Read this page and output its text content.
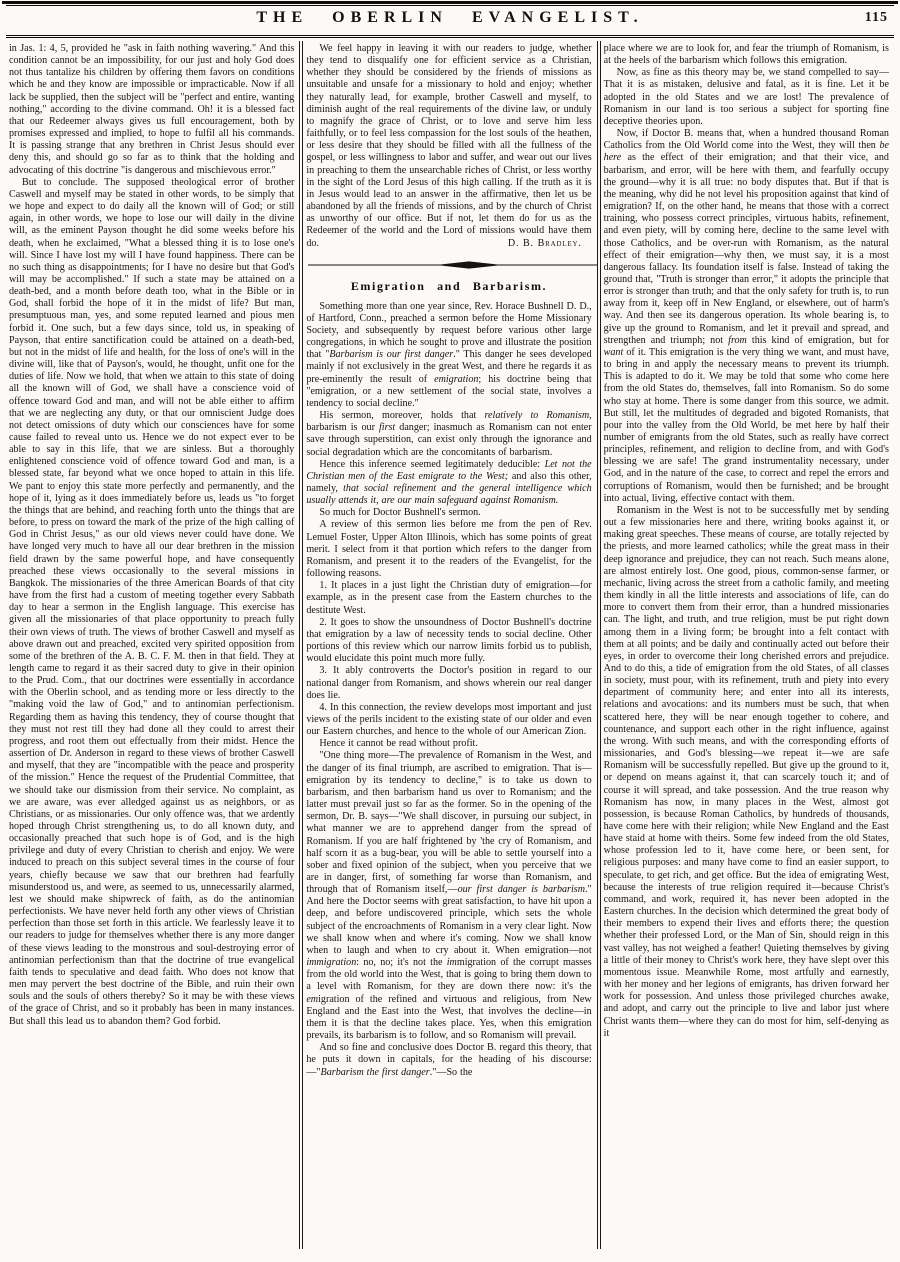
THE OBERLIN EVANGELIST.	115

in Jas. 1: 4, 5, provided he "ask in faith nothing wavering." And this condition cannot be an impossibility, for our just and holy God does not thus tantalize his children by offering them favors on conditions which he and they know are impossible or impracticable. Now if all lack be supplied, then the subject will be "perfect and entire, wanting nothing," according to the divine command. Oh! it is a blessed fact that our Redeemer always gives us full encouragement, both by promises expressed and implied, to hope to fulfil all his commands. It is passing strange that any brethren in Christ Jesus should ever deny this, and should go so far as to think that the holding and advocating of this doctrine "is dangerous and mischievous error."

But to conclude. The supposed theological error of brother Caswell and myself may be stated in other words, to be simply that we hope and expect to do daily all the known will of God; or still again, in other words, we hope to lose our will daily in the divine will, as the eminent Payson thought he did some weeks before his death, when he exclaimed, "What a blessed thing it is to lose one's will. Since I have lost my will I have found happiness. There can be no such thing as disappointments; for I have no desire but that God's will may be accomplished." If such a state may be attained on a death-bed, and a month before death too, what in the Bible or in God, shall forbid the hope of it in the midst of life? But man, presumptuous man, yes, and some reputed learned and pious men forbid it. One such, but a few days since, told us, in speaking of Payson, that entire sanctification could be attained on a death-bed, but not in the midst of life and health, for the loss of one's will in the divine will, like that of Payson's, would, he thought, unfit one for the duties of life. Now we hold, that when we attain to this state of doing all the known will of God, we shall have a conscience void of offence toward God and man, and will not be able either to affirm that we are neglecting any duty, or that our omniscient Judge does not detect omissions of duty which our consciences have for some cause failed to reveal unto us. Hence we do not expect ever to be able to say in this life, that we are sinless. But a thoroughly enlightened conscience void of offence toward God and man, is a blessed state, far beyond what we once hoped to attain in this life. We pant to enjoy this state more perfectly and permanently, and the hope of it, lying as it does immediately before us, leads us "to forget the things that are behind, and reaching forth unto the things that are before, to press on toward the mark of the prize of the high calling of God in Christ Jesus," as our old views never could have done. We have longed very much to have all our dear brethren in the mission field drawn by the same powerful hope, and have consequently preached these views occasionally to the several missions in Bangkok. The missionaries of the three American Boards of that city have from the first had a custom of meeting together every Sabbath day to hear a sermon in the English language. This exercise has given all the missionaries of that place opportunity to preach fully their own views of truth. The views of brother Caswell and myself as above drawn out and preached, excited very spirited opposition from some of the brethren of the A. B. C. F. M. then in that field. They at length came to regard it as their sacred duty to give in their opinion to the Prud. Com., that our doctrines were essentially in accordance with the Oberlin school, and as tending more or less directly to the "making void the law of God," and to antinomian perfectionism. Regarding them as having this tendency, they of course thought that they must not rest till they had done all they could to arrest their progress, and root them out effectually from their midst. Hence the assertion of Dr. Anderson in regard to these views of brother Caswell and myself, that they are "incompatible with the peace and prosperity of the mission." Hence the request of the Prudential Committee, that we should take our dismission from their service. No complaint, as we are aware, was ever alledged against us as neighbors, or as Christians, or as missionaries. Our only offence was, that we ardently hoped through Christ strengthening us, to do all known duty, and occasionally preached that such hope is of God, and is the high privilege and duty of every Christian to cherish and enjoy. We were induced to preach on this subject several times in the course of four years, chiefly because we saw that our brethren had fearfully misunderstood us, and were, as seemed to us, unnecessarily alarmed, lest we should make shipwreck of faith, as do the antinomian perfectionists. We have never held forth any other views of Christian perfection than those set forth in this article. We fearlessly leave it to our readers to judge for themselves whether there is any more danger of these views leading to the monstrous and soul-destroying error of antinomian perfectionism than that the doctrine of true evangelical faith tends to speculative and dead faith. Who does not know that men may pervert the best doctrine of the Bible, and ruin their own souls and the souls of others thereby? So it may be with these views of the grace of Christ, and so it probably has been in many instances. But shall this lead us to abandon them? God forbid.

We feel happy in leaving it with our readers to judge, whether they tend to disqualify one for efficient service as a Christian, whether they should be considered by the friends of missions as unsuitable and unsafe for a missionary to hold and enjoy; whether they naturally lead, for example, brother Caswell and myself, to diminish aught of the real requirements of the divine law, or unduly to magnify the grace of Christ, or to love and serve him less faithfully, or to feel less compassion for the lost souls of the heathen, or less desire that they should be filled with all the fullness of the gospel, or less willingness to labor and suffer, and wear out our lives in preaching to them the unsearchable riches of Christ, or less worthy in the sight of the Lord Jesus of this high calling. If the truth as it is in Jesus would lead to an answer in the affirmative, then let us be abandoned by all the friends of missions, and by the church of Christ as unworthy of our office. But if not, let them do for us as the Redeemer of the world and the Lord of missions would have them do.	D. B. Bradley.

Emigration and Barbarism.

Something more than one year since, Rev. Horace Bushnell D. D., of Hartford, Conn., preached a sermon before the Home Missionary Society, and subsequently by request before various other large congregations, in which he sought to prove and illustrate the position that "Barbarism is our first danger." This danger he sees developed mainly if not exclusively in the great West, and there he regards it as pre-eminently the result of emigration; his doctrine being that "emigration, or a new settlement of the social state, involves a tendency to social decline."

His sermon, moreover, holds that relatively to Romanism, barbarism is our first danger; inasmuch as Romanism can not enter save through superstition, can exist only through the ignorance and social degradation which are the concomitants of barbarism.

Hence this inference seemed legitimately deducible: Let not the Christian men of the East emigrate to the West; and also this other, namely, that social refinement and the general intelligence which usually attends it, are our main safeguard against Romanism.

So much for Doctor Bushnell's sermon.

A review of this sermon lies before me from the pen of Rev. Lemuel Foster, Upper Alton Illinois, which has some points of great merit. I select from it that portion which refers to the danger from Romanism, and present it to the readers of the Evangelist, for the following reasons.

1. It places in a just light the Christian duty of emigration—for example, as in the present case from the Eastern churches to the destitute West.

2. It goes to show the unsoundness of Doctor Bushnell's doctrine that emigration by a law of necessity tends to social decline. Other portions of this review which our narrow limits forbid us to publish, would elucidate this point much more fully.

3. It ably controverts the Doctor's position in regard to our national danger from Romanism, and shows wherein our real danger does lie.

4. In this connection, the review develops most important and just views of the perils incident to the existing state of our older and even our Eastern churches, and hence to the whole of our American Zion.

Hence it cannot be read without profit.

"One thing more—The prevalence of Romanism in the West, and the danger of its final triumph, are ascribed to emigration. That is—emigration by its tendency to decline," is to take us down to barbarism, and then barbarism hand us over to Romanism; and the latter must prevail just so far as the former. So in the opening of the sermon, Dr. B. says—"We shall discover, in pursuing our subject, in what manner we are to apprehend danger from the spread of Romanism. If you are half frightened by 'the cry of Romanism, and half scorn it as a bug-bear, you will be able to settle yourself into a sober and fixed opinion of the subject, when you perceive that we are in danger, first, of something far worse than Romanism, and through that of Romanism itself,—our first danger is barbarism." And here the Doctor seems with great satisfaction, to have hit upon a deep, and before undiscovered principle, which sets the whole subject of the encroachments of Romanism in a very clear light. Now we shall know when and where it's coming. Now we shall know when to laugh and when to cry about it. When emigration—not immigration: no, no; it's not the immigration of the corrupt masses from the old world into the West, that is going to bring them down to a level with Romanism, for they are down there now: it's the emigration of the refined and virtuous and religious, from New England and the East into the West, that involves the decline—in them it is that the decline takes place. Yes, when this emigration prevails, its barbarism is to follow, and so Romanism will prevail.

And so fine and conclusive does Doctor B. regard this theory, that he puts it down in capitals, for the heading of his discourse:—"Barbarism the first danger."—So the

place where we are to look for, and fear the triumph of Romanism, is at the heels of the barbarism which follows this emigration.

Now, as fine as this theory may be, we stand compelled to say—That it is as mistaken, delusive and fatal, as it is fine. Let it be adopted in the old States and we are lost! The prevalence of Romanism in our land is too serious a subject for sporting fine deceptive theories upon.

Now, if Doctor B. means that, when a hundred thousand Roman Catholics from the Old World come into the West, they will then be here as the effect of their emigration; and that their vice, and barbarism, and error, will be here with them, and fearfully occupy the ground—why it is all true: no body disputes that. But if that is the meaning, why did he not level his proposition against that kind of emigration? If, on the other hand, he means that those with a correct training, who possess correct principles, virtuous habits, refinement, and even piety, will by coming here, decline to the same level with those Catholics, and be over-run with Romanism, as the natural effect of their emigration—why then, we must say, it is a most dangerous fallacy. Its foundation itself is false. Instead of taking the ground that, "Truth is stronger than error," it adopts the principle that error is stronger than truth; and that the only safety for truth is, to run away from it, keep off in New England, or elsewhere, out of harm's way. And then see its dangerous operation. Its whole bearing is, to give up the ground to Romanism, and let it prevail and spread, and strengthen and triumph; not from this kind of emigration, but for want of it. This emigration is the very thing we want, and must have, to bring in and apply the necessary means to prevent its triumph. This is adapted to do it. We may be told that some who come here from the old States do, themselves, fall into Romanism. So do some who stay at home. There is some danger from this source, we admit. But still, let the multitudes of degraded and bigoted Romanists, that pour into the valley from the Old World, be met here by half their number of emigrants from the old States, such as really have correct principles, refinement, and religion to decline from, and with God's blessing we are safe! The grand instrumentality necessary, under God, and in the nature of the case, to correct and repel the errors and corruptions of Romanism, would then be furnished; and be brought into actual, living, effective contact with them.

Romanism in the West is not to be successfully met by sending out a few missionaries here and there, writing books against it, or making great speeches. These means of course, are totally rejected by the priests, and more learned catholics; while the great mass in their deep ignorance and prejudice, they can not reach. Such means alone, are almost entirely lost. One good, pious, common-sense farmer, or mechanic, living across the street from a catholic family, and meeting them kindly in all the little interests and associations of life, can do more to convert them from their error, than a hundred missionaries can. The light, and truth, and true religion, must be put right down among them in a living form; be brought into a felt contact with them at all points; and be daily and continually acted out before their eyes, in order to overcome their long cherished errors and prejudice. And to do this, a tide of emigration from the old States, of all classes in society, must pour, with its refinement, truth and piety into every department of community here; and enter into all its interests, relations and avocations: and its numbers must be such, that when scattered here, they will be near enough together to cohere, and countenance, and support each other in the right influence, against the wrong. With such means, and with the corresponding efforts of missionaries, and God's blessing—we repeat it—we are safe Romanism will be successfully repelled. But give up the ground to it, or depend on means against it, that can scarcely touch it; and of course it will spread, and take possession. And the true reason why Romanism has now, in many places in the West, almost got possession, is because Roman Catholics, by hundreds of thousands, have come here with their religion; while New England and the East have staid at home with theirs. Some few indeed from the old States, whose profession led to it, have come here, or been sent, for religious purposes: and many have come to find an easier support, to speculate, to get rich, and get office. But the idea of emigrating West, because the interests of true religion required it—because Christ's command, and work, required it, has never been adopted in the Eastern churches. In the decision which determined the great body of their members to expend their lives and efforts there; the question whether their professed Lord, or the Man of Sin, should reign in this vast valley, has not weighed a feather! Quieting themselves by giving a little of their money to Christ's work here, they have slept over this momentous issue. Meanwhile Rome, most artfully and earnestly, with her money and her legions of emigrants, has driven forward her work for possession. And unless those privileged churches awake, and adopt, and carry out the principle to live and labor just where Christ wants them—where they can do most for him, self-denying as it
